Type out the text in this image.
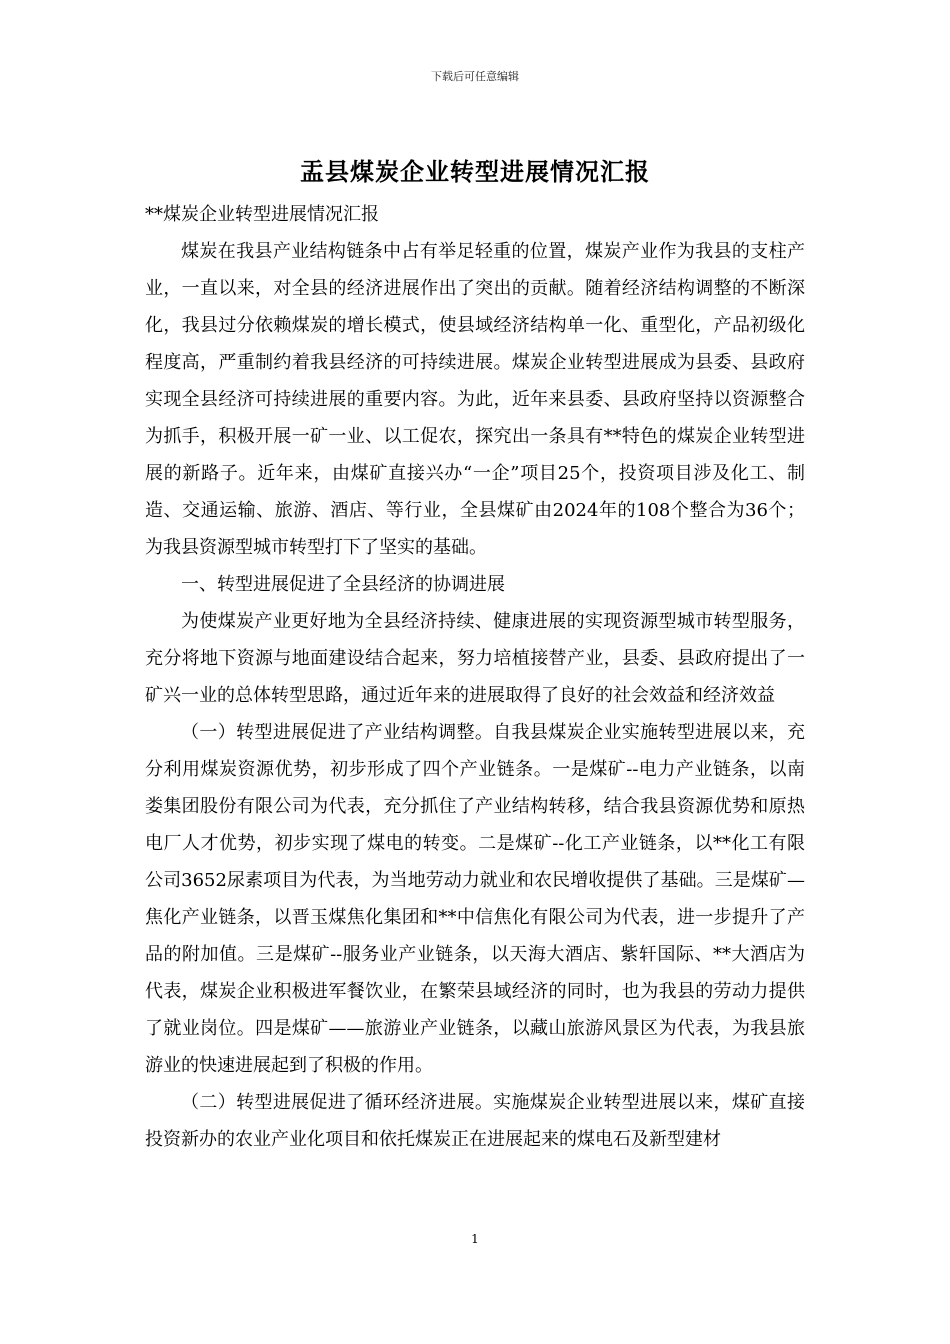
下载后可任意编辑
盂县煤炭企业转型进展情况汇报

**煤炭企业转型进展情况汇报

煤炭在我县产业结构链条中占有举足轻重的位置，煤炭产业作为我县的支柱产业，一直以来，对全县的经济进展作出了突出的贡献。随着经济结构调整的不断深化，我县过分依赖煤炭的增长模式，使县域经济结构单一化、重型化，产品初级化程度高，严重制约着我县经济的可持续进展。煤炭企业转型进展成为县委、县政府实现全县经济可持续进展的重要内容。为此，近年来县委、县政府坚持以资源整合为抓手，积极开展一矿一业、以工促农，探究出一条具有**特色的煤炭企业转型进展的新路子。近年来，由煤矿直接兴办“一企”项目25个，投资项目涉及化工、制造、交通运输、旅游、酒店、等行业，全县煤矿由2024年的108个整合为36个；为我县资源型城市转型打下了坚实的基础。

一、转型进展促进了全县经济的协调进展

为使煤炭产业更好地为全县经济持续、健康进展的实现资源型城市转型服务，充分将地下资源与地面建设结合起来，努力培植接替产业，县委、县政府提出了一矿兴一业的总体转型思路，通过近年来的进展取得了良好的社会效益和经济效益

（一）转型进展促进了产业结构调整。自我县煤炭企业实施转型进展以来，充分利用煤炭资源优势，初步形成了四个产业链条。一是煤矿--电力产业链条，以南娄集团股份有限公司为代表，充分抓住了产业结构转移，结合我县资源优势和原热电厂人才优势，初步实现了煤电的转变。二是煤矿--化工产业链条，以**化工有限公司3652尿素项目为代表，为当地劳动力就业和农民增收提供了基础。三是煤矿—焦化产业链条，以晋玉煤焦化集团和**中信焦化有限公司为代表，进一步提升了产品的附加值。三是煤矿--服务业产业链条，以天海大酒店、紫轩国际、**大酒店为代表，煤炭企业积极进军餐饮业，在繁荣县域经济的同时，也为我县的劳动力提供了就业岗位。四是煤矿——旅游业产业链条，以藏山旅游风景区为代表，为我县旅游业的快速进展起到了积极的作用。

（二）转型进展促进了循环经济进展。实施煤炭企业转型进展以来，煤矿直接投资新办的农业产业化项目和依托煤炭正在进展起来的煤电石及新型建材

1
